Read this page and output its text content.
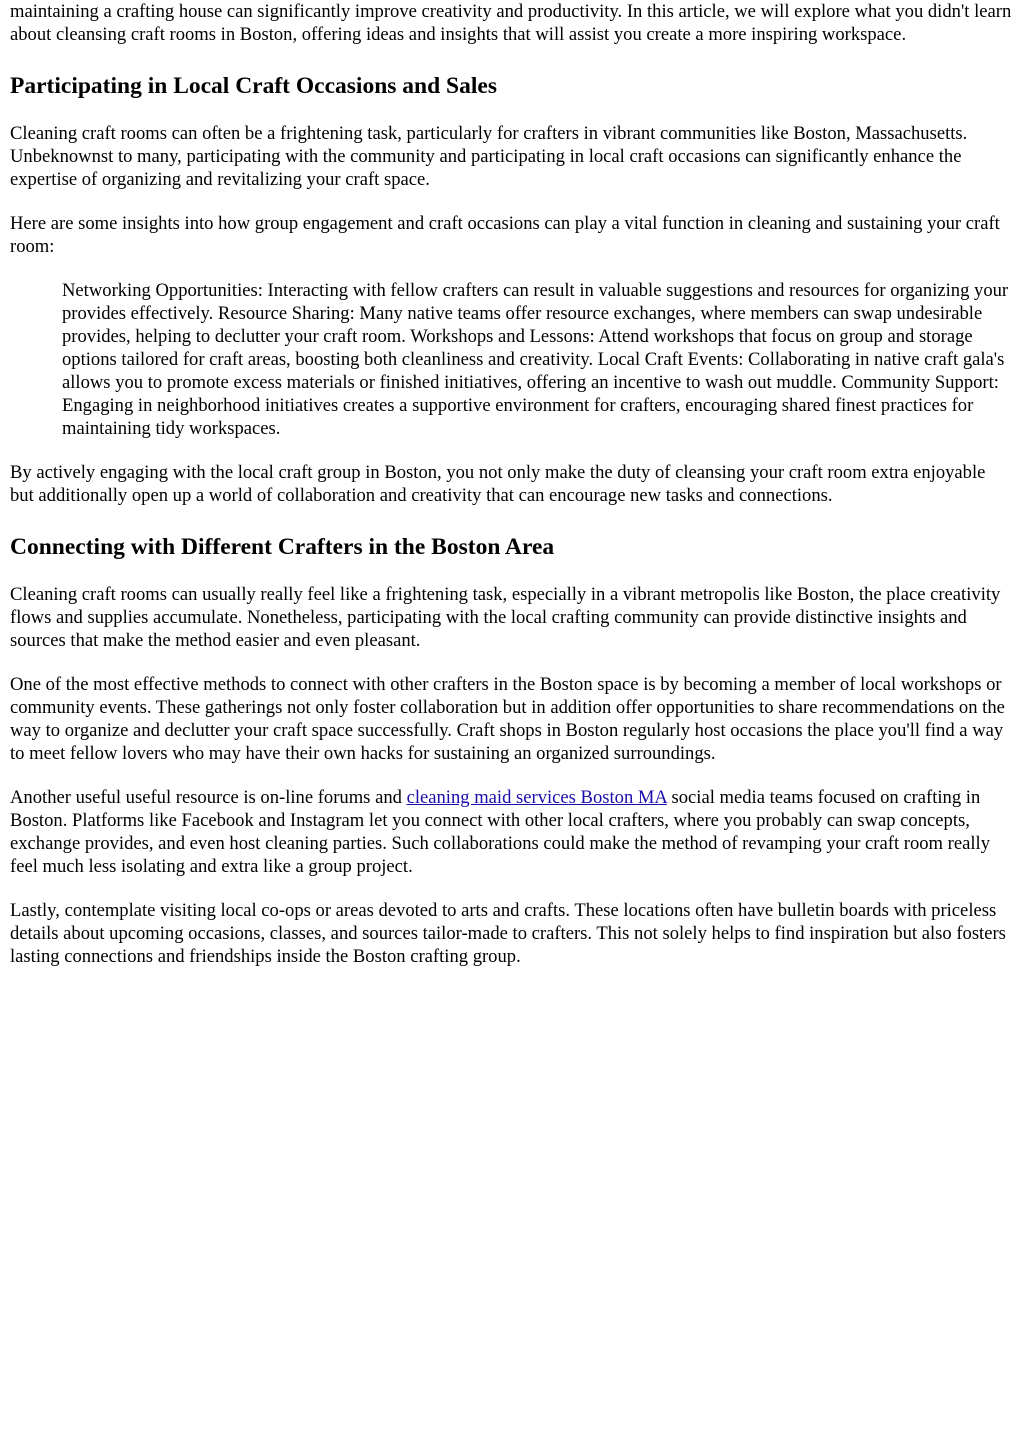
maintaining a crafting house can significantly improve creativity and productivity. In this article, we will explore what you didn't learn about cleansing craft rooms in Boston, offering ideas and insights that will assist you create a more inspiring workspace.

Participating in Local Craft Occasions and Sales

Cleaning craft rooms can often be a frightening task, particularly for crafters in vibrant communities like Boston, Massachusetts. Unbeknownst to many, participating with the community and participating in local craft occasions can significantly enhance the expertise of organizing and revitalizing your craft space.

Here are some insights into how group engagement and craft occasions can play a vital function in cleaning and sustaining your craft room:

Networking Opportunities: Interacting with fellow crafters can result in valuable suggestions and resources for organizing your provides effectively. Resource Sharing: Many native teams offer resource exchanges, where members can swap undesirable provides, helping to declutter your craft room. Workshops and Lessons: Attend workshops that focus on group and storage options tailored for craft areas, boosting both cleanliness and creativity. Local Craft Events: Collaborating in native craft gala's allows you to promote excess materials or finished initiatives, offering an incentive to wash out muddle. Community Support: Engaging in neighborhood initiatives creates a supportive environment for crafters, encouraging shared finest practices for maintaining tidy workspaces.

By actively engaging with the local craft group in Boston, you not only make the duty of cleansing your craft room extra enjoyable but additionally open up a world of collaboration and creativity that can encourage new tasks and connections.

Connecting with Different Crafters in the Boston Area

Cleaning craft rooms can usually really feel like a frightening task, especially in a vibrant metropolis like Boston, the place creativity flows and supplies accumulate. Nonetheless, participating with the local crafting community can provide distinctive insights and sources that make the method easier and even pleasant.

One of the most effective methods to connect with other crafters in the Boston space is by becoming a member of local workshops or community events. These gatherings not only foster collaboration but in addition offer opportunities to share recommendations on the way to organize and declutter your craft space successfully. Craft shops in Boston regularly host occasions the place you'll find a way to meet fellow lovers who may have their own hacks for sustaining an organized surroundings.

Another useful useful resource is on-line forums and cleaning maid services Boston MA social media teams focused on crafting in Boston. Platforms like Facebook and Instagram let you connect with other local crafters, where you probably can swap concepts, exchange provides, and even host cleaning parties. Such collaborations could make the method of revamping your craft room really feel much less isolating and extra like a group project.

Lastly, contemplate visiting local co-ops or areas devoted to arts and crafts. These locations often have bulletin boards with priceless details about upcoming occasions, classes, and sources tailor-made to crafters. This not solely helps to find inspiration but also fosters lasting connections and friendships inside the Boston crafting group.
